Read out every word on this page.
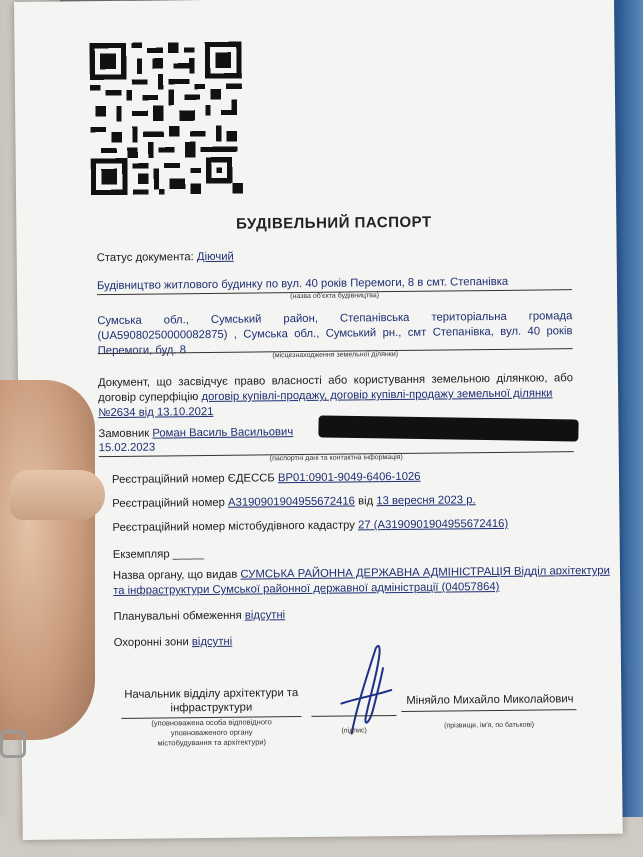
БУДІВЕЛЬНИЙ ПАСПОРТ
Статус документа: Діючий
Будівництво житлового будинку по вул. 40 років Перемоги, 8 в смт. Степанівка
(назва об'єкта будівництва)
Сумська обл., Сумський район, Степанівська територіальна громада
(UA59080250000082875) , Сумська обл., Сумський рн., смт Степанівка, вул. 40 років
Перемоги, буд. 8	(місцезнаходження земельної ділянки)
Документ, що засвідчує право власності або користування земельною ділянкою, або
договір суперфіцію договір купівлі-продажу, договір купівлі-продажу земельної ділянки
№2634 від 13.10.2021
Замовник Роман Василь Васильович
15.02.2023
(паспортні дані та контактна інформація)
Реєстраційний номер ЄДЕССБ ВР01:0901-9049-6406-1026
Реєстраційний номер А3190901904955672416 від 13 вересня 2023 р.
Реєстраційний номер містобудівного кадастру 27 (А3190901904955672416)
Екземпляр _____
Назва органу, що видав СУМСЬКА РАЙОННА ДЕРЖАВНА АДМІНІСТРАЦІЯ Відділ архітектури
та інфраструктури Сумської районної державної адміністрації (04057864)
Планувальні обмеження відсутні
Охоронні зони відсутні
Начальник відділу архітектури та
інфраструктури
(уповноважена особа відповідного
уповноваженого органу
містобудування та архітектури)
(підпис)
Міняйло Михайло Миколайович
(прізвище, ім'я, по батькові)
